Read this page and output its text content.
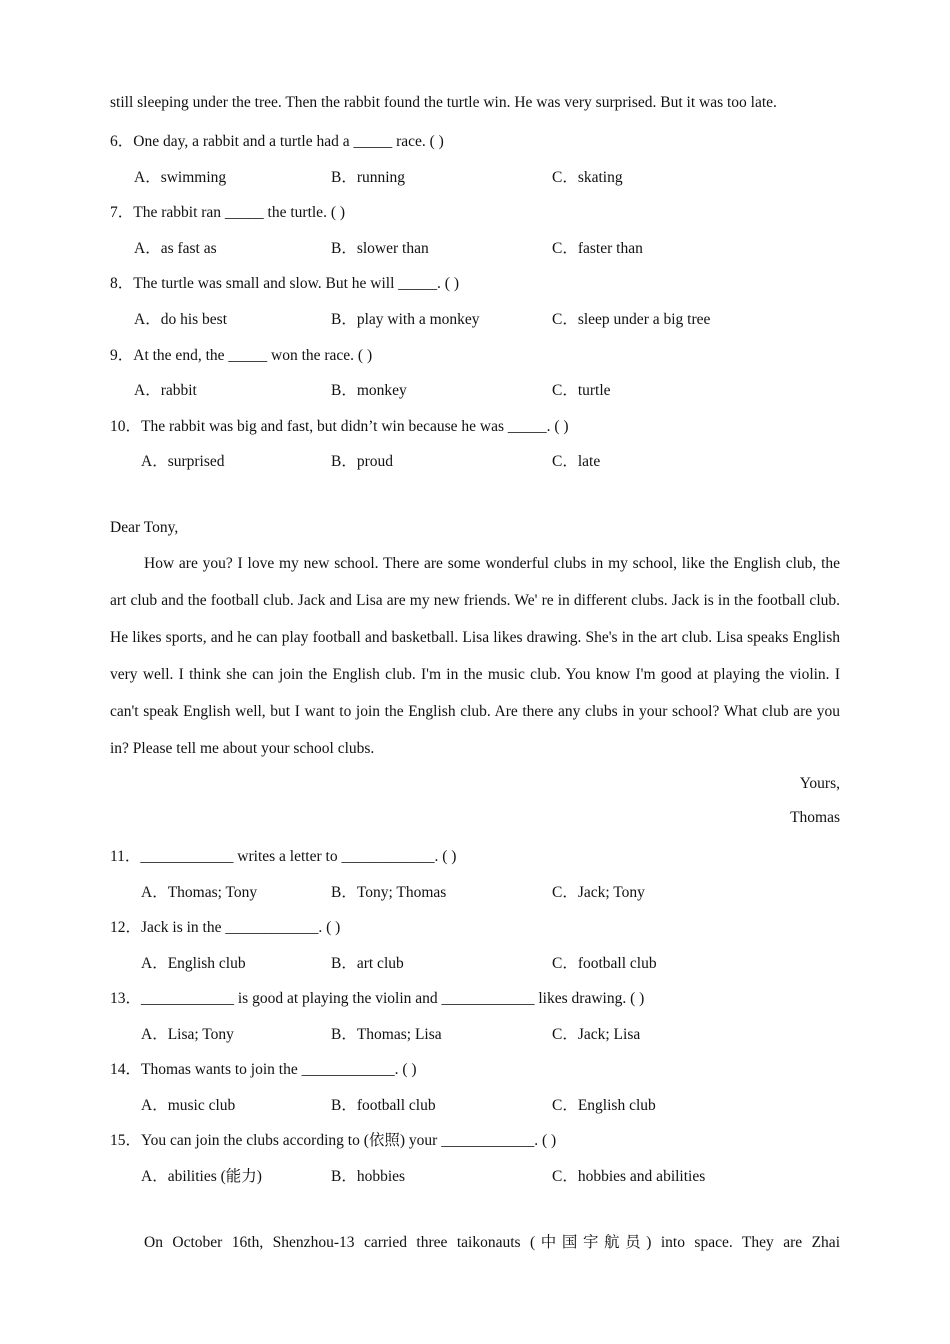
still sleeping under the tree. Then the rabbit found the turtle win. He was very surprised. But it was too late.
6．One day, a rabbit and a turtle had a _____ race. ( )
A．swimming	B．running	C．skating
7．The rabbit ran _____ the turtle. ( )
A．as fast as	B．slower than	C．faster than
8．The turtle was small and slow. But he will _____. ( )
A．do his best	B．play with a monkey	C．sleep under a big tree
9．At the end, the _____ won the race. ( )
A．rabbit	B．monkey	C．turtle
10．The rabbit was big and fast, but didn’t win because he was _____. ( )
A．surprised	B．proud	C．late
Dear Tony,

How are you? I love my new school. There are some wonderful clubs in my school, like the English club, the art club and the football club. Jack and Lisa are my new friends. We' re in different clubs. Jack is in the football club. He likes sports, and he can play football and basketball. Lisa likes drawing. She's in the art club. Lisa speaks English very well. I think she can join the English club. I'm in the music club. You know I'm good at playing the violin. I can't speak English well, but I want to join the English club. Are there any clubs in your school? What club are you in? Please tell me about your school clubs.

Yours,
Thomas
11．____________ writes a letter to ____________. ( )
A．Thomas; Tony	B．Tony; Thomas	C．Jack; Tony
12．Jack is in the ____________. ( )
A．English club	B．art club	C．football club
13．____________ is good at playing the violin and ____________ likes drawing. ( )
A．Lisa; Tony	B．Thomas; Lisa	C．Jack; Lisa
14．Thomas wants to join the ____________. ( )
A．music club	B．football club	C．English club
15．You can join the clubs according to (依照) your ____________. ( )
A．abilities (能力)	B．hobbies	C．hobbies and abilities

On October 16th, Shenzhou-13 carried three taikonauts (中国宇航员) into space. They are Zhai
